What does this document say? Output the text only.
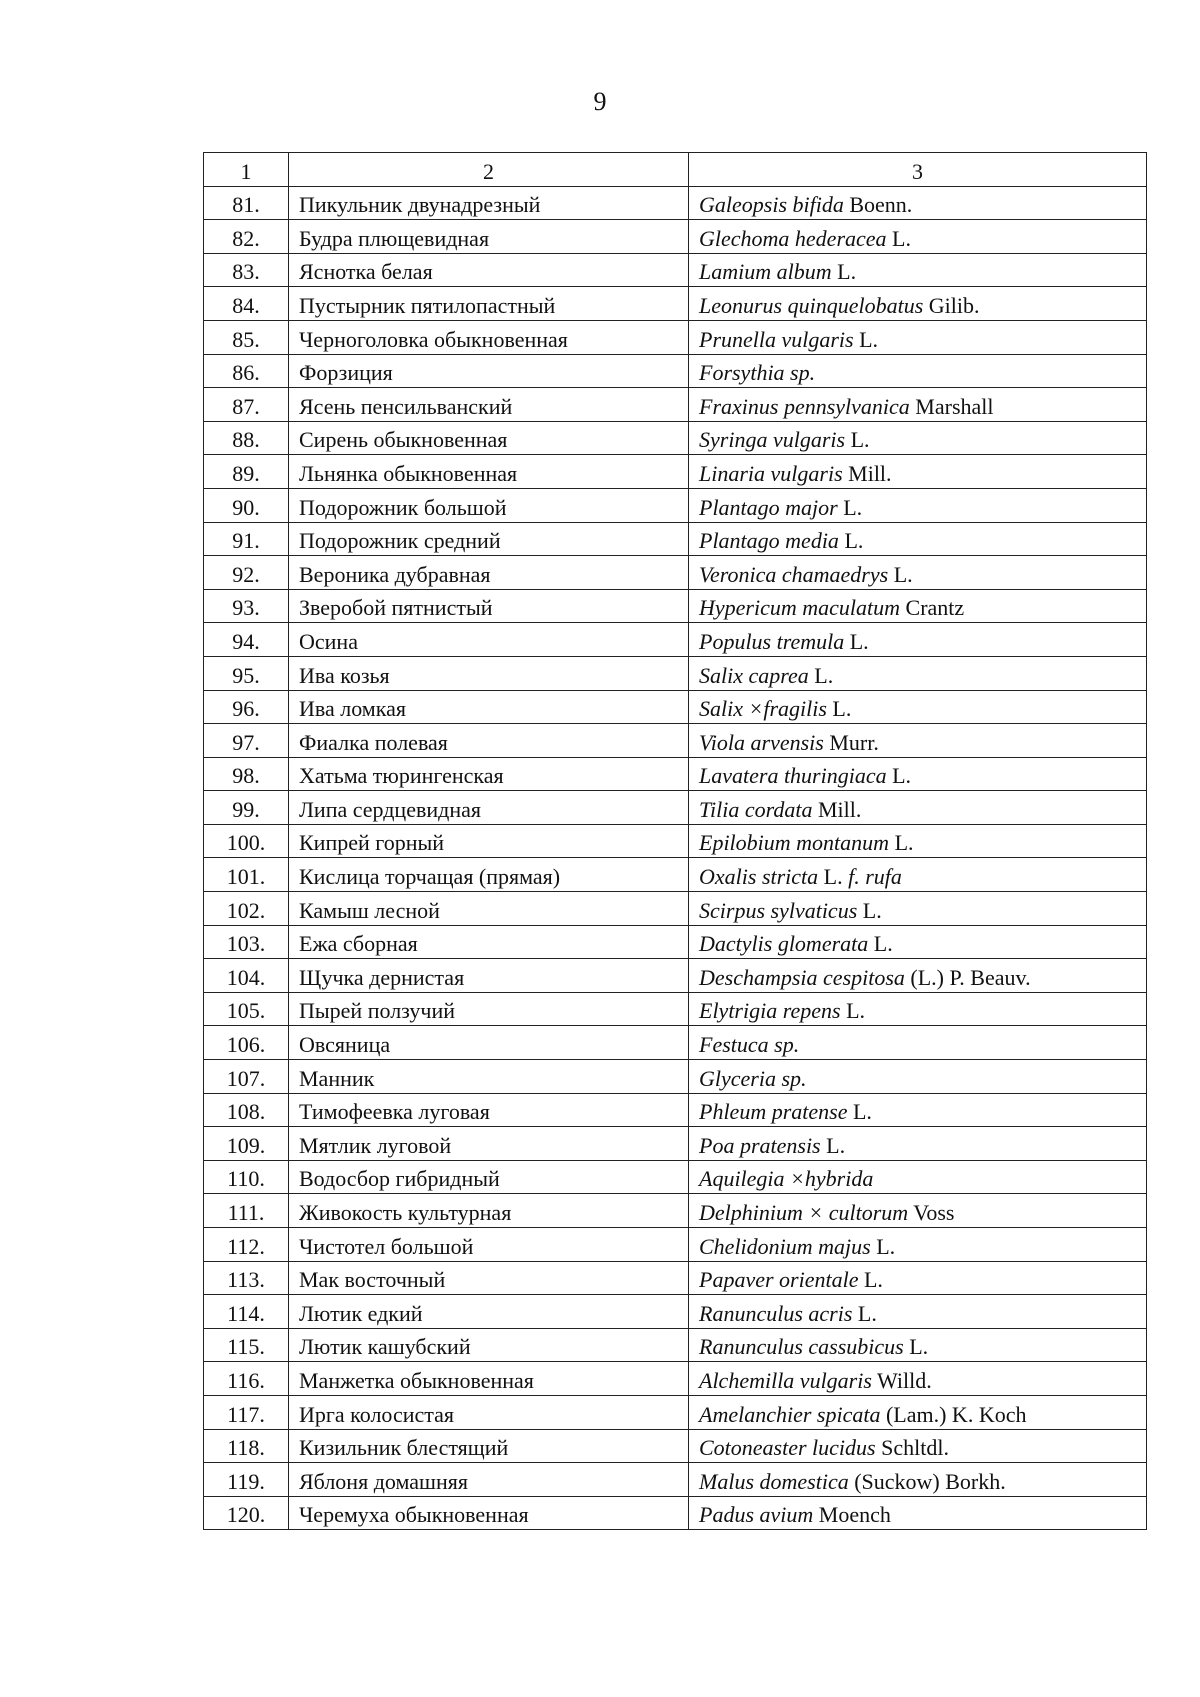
9
1	2	3
81.	Пикульник двунадрезный	Galeopsis bifida Boenn.
82.	Будра плющевидная	Glechoma hederacea L.
83.	Яснотка белая	Lamium album L.
84.	Пустырник пятилопастный	Leonurus quinquelobatus Gilib.
85.	Черноголовка обыкновенная	Prunella vulgaris L.
86.	Форзиция	Forsythia sp.
87.	Ясень пенсильванский	Fraxinus pennsylvanica Marshall
88.	Сирень обыкновенная	Syringa vulgaris L.
89.	Льнянка обыкновенная	Linaria vulgaris Mill.
90.	Подорожник большой	Plantago major L.
91.	Подорожник средний	Plantago media L.
92.	Вероника дубравная	Veronica chamaedrys L.
93.	Зверобой пятнистый	Hypericum maculatum Crantz
94.	Осина	Populus tremula L.
95.	Ива козья	Salix caprea L.
96.	Ива ломкая	Salix ×fragilis L.
97.	Фиалка полевая	Viola arvensis Murr.
98.	Хатьма тюрингенская	Lavatera thuringiaca L.
99.	Липа сердцевидная	Tilia cordata Mill.
100.	Кипрей горный	Epilobium montanum L.
101.	Кислица торчащая (прямая)	Oxalis stricta L. f. rufa
102.	Камыш лесной	Scirpus sylvaticus L.
103.	Ежа сборная	Dactylis glomerata L.
104.	Щучка дернистая	Deschampsia cespitosa (L.) P. Beauv.
105.	Пырей ползучий	Elytrigia repens L.
106.	Овсяница	Festuca sp.
107.	Манник	Glyceria sp.
108.	Тимофеевка луговая	Phleum pratense L.
109.	Мятлик луговой	Poa pratensis L.
110.	Водосбор гибридный	Aquilegia ×hybrida
111.	Живокость культурная	Delphinium × cultorum Voss
112.	Чистотел большой	Chelidonium majus L.
113.	Мак восточный	Papaver orientale L.
114.	Лютик едкий	Ranunculus acris L.
115.	Лютик кашубский	Ranunculus cassubicus L.
116.	Манжетка обыкновенная	Alchemilla vulgaris Willd.
117.	Ирга колосистая	Amelanchier spicata (Lam.) K. Koch
118.	Кизильник блестящий	Cotoneaster lucidus Schltdl.
119.	Яблоня домашняя	Malus domestica (Suckow) Borkh.
120.	Черемуха обыкновенная	Padus avium Moench
